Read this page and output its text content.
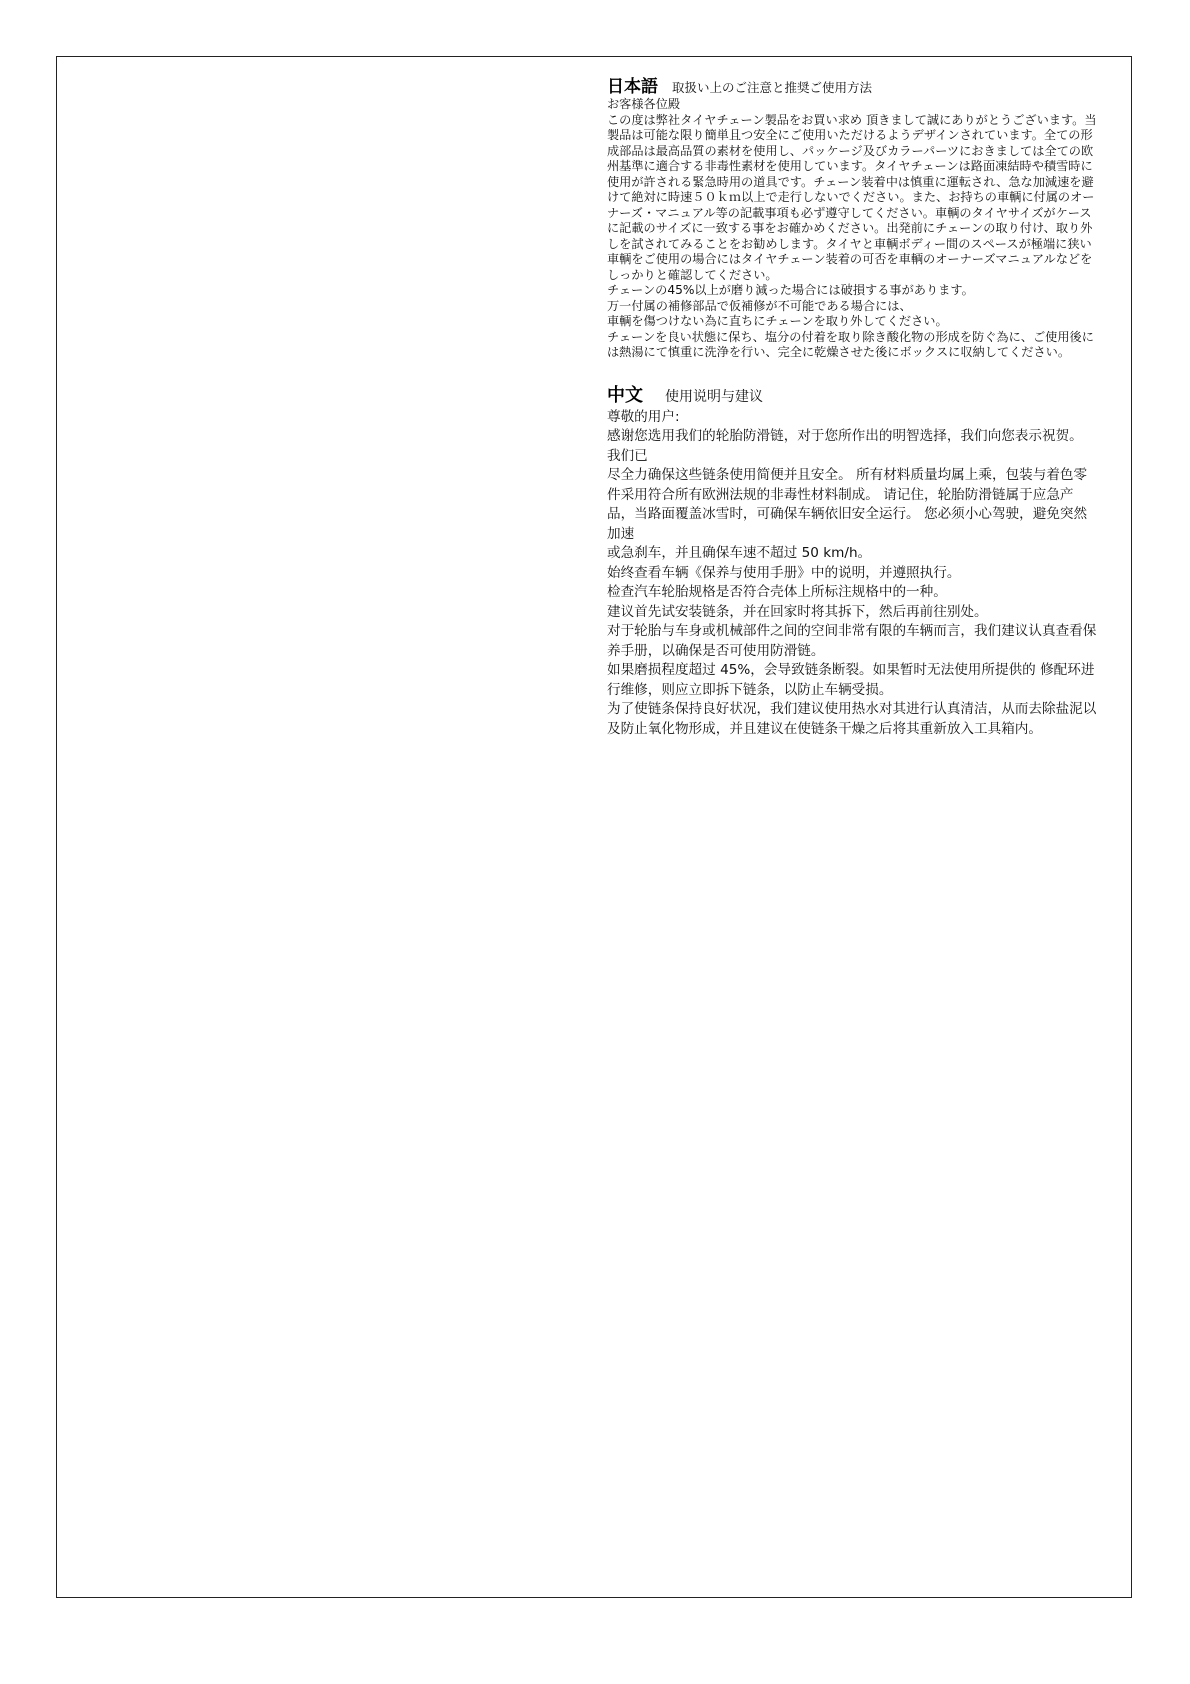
日本語 取扱い上のご注意と推奨ご使用方法

お客様各位殿

この度は弊社タイヤチェーン製品をお買い求め 頂きまして誠にありがとうございます。当製品は可能な限り簡単且つ安全にご使用いただけるようデザインされています。全ての形成部品は最高品質の素材を使用し、パッケージ及びカラーパーツにおきましては全ての欧州基準に適合する非毒性素材を使用しています。タイヤチェーンは路面凍結時や積雪時に使用が許される緊急時用の道具です。チェーン装着中は慎重に運転され、急な加減速を避けて絶対に時速５０ｋｍ以上で走行しないでください。また、お持ちの車輌に付属のオーナーズ・マニュアル等の記載事項も必ず遵守してください。車輌のタイヤサイズがケースに記載のサイズに一致する事をお確かめください。出発前にチェーンの取り付け、取り外しを試されてみることをお勧めします。タイヤと車輌ボディー間のスペースが極端に狭い車輌をご使用の場合にはタイヤチェーン装着の可否を車輌のオーナーズマニュアルなどをしっかりと確認してください。

チェーンの45%以上が磨り減った場合には破損する事があります。

万一付属の補修部品で仮補修が不可能である場合には、

車輌を傷つけない為に直ちにチェーンを取り外してください。

チェーンを良い状態に保ち、塩分の付着を取り除き酸化物の形成を防ぐ為に、ご使用後には熱湯にて慎重に洗浄を行い、完全に乾燥させた後にボックスに収納してください。

中文 使用说明与建议

尊敬的用户:

感谢您选用我们的轮胎防滑链，对于您所作出的明智选择，我们向您表示祝贺。 我们已

尽全力确保这些链条使用简便并且安全。 所有材料质量均属上乘，包装与着色零件采用符合所有欧洲法规的非毒性材料制成。 请记住，轮胎防滑链属于应急产品，当路面覆盖冰雪时，可确保车辆依旧安全运行。 您必须小心驾驶，避免突然加速

或急刹车，并且确保车速不超过 50 km/h。

始终查看车辆《保养与使用手册》中的说明，并遵照执行。

检查汽车轮胎规格是否符合壳体上所标注规格中的一种。

建议首先试安装链条，并在回家时将其拆下，然后再前往别处。

对于轮胎与车身或机械部件之间的空间非常有限的车辆而言，我们建议认真查看保养手册，以确保是否可使用防滑链。

如果磨损程度超过 45%，会导致链条断裂。如果暂时无法使用所提供的 修配环进行维修，则应立即拆下链条，以防止车辆受损。

为了使链条保持良好状况，我们建议使用热水对其进行认真清洁，从而去除盐泥以及防止氧化物形成，并且建议在使链条干燥之后将其重新放入工具箱内。
